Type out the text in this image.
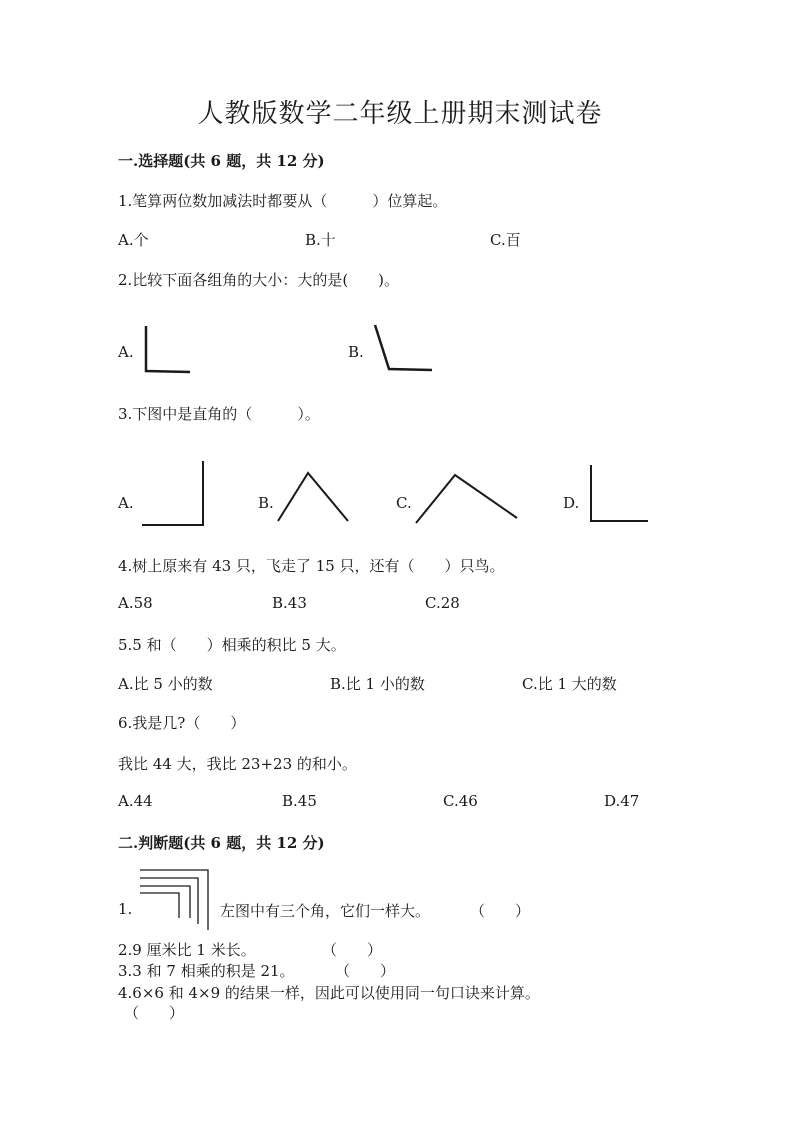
人教版数学二年级上册期末测试卷
一.选择题(共 6 题，共 12 分)
1.笔算两位数加减法时都要从（　　　）位算起。
A.个	B.十	C.百
2.比较下面各组角的大小：大的是(　　)。
A.	B.
3.下图中是直角的（　　　）。
A.	B.	C.	D.
4.树上原来有 43 只，飞走了 15 只，还有（　　）只鸟。
A.58	B.43	C.28
5.5 和（　　）相乘的积比 5 大。
A.比 5 小的数	B.比 1 小的数	C.比 1 大的数
6.我是几?（　　）
我比 44 大，我比 23+23 的和小。
A.44	B.45	C.46	D.47
二.判断题(共 6 题，共 12 分)
1.	左图中有三个角，它们一样大。	（　　）
2.9 厘米比 1 米长。	（　　）
3.3 和 7 相乘的积是 21。	（　　）
4.6×6 和 4×9 的结果一样，因此可以使用同一句口诀来计算。
（　　）
